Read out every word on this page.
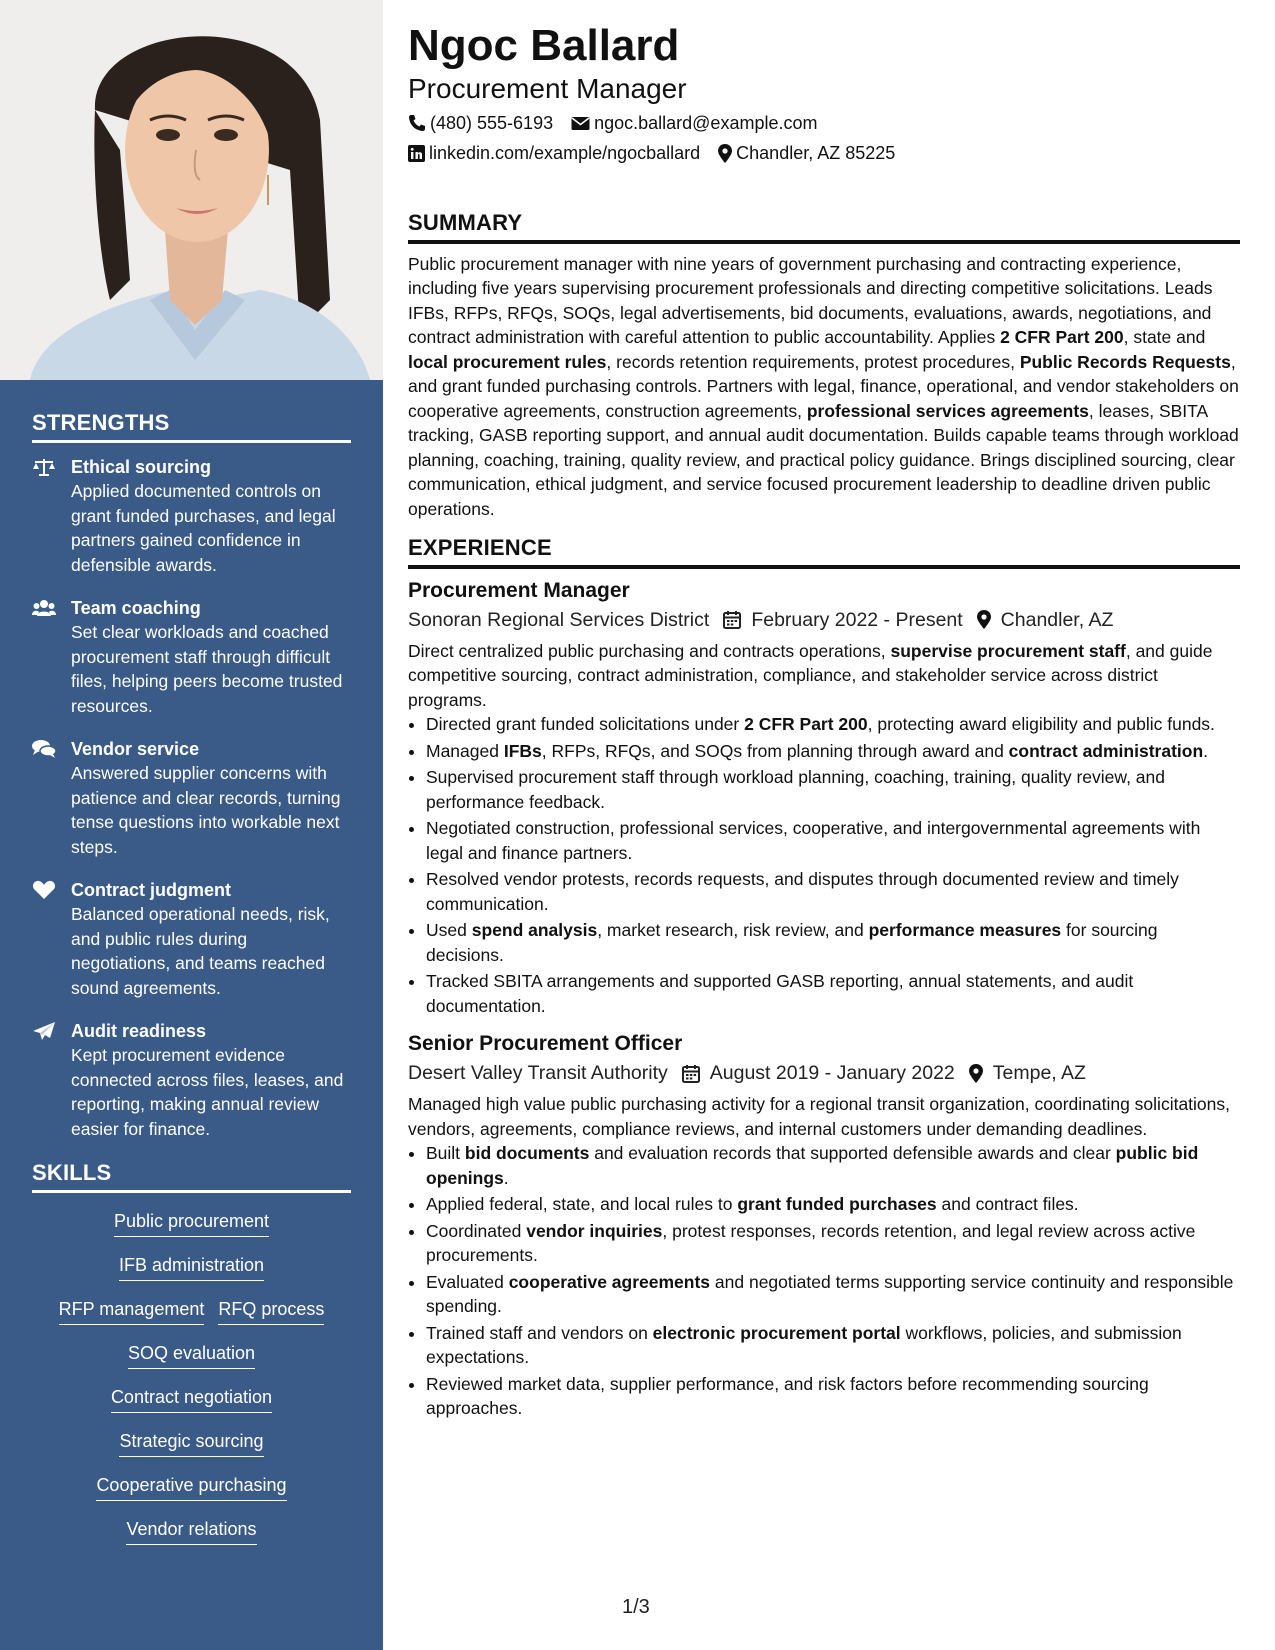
STRENGTHS
Ethical sourcing
Applied documented controls on grant funded purchases, and legal partners gained confidence in defensible awards.
Team coaching
Set clear workloads and coached procurement staff through difficult files, helping peers become trusted resources.
Vendor service
Answered supplier concerns with patience and clear records, turning tense questions into workable next steps.
Contract judgment
Balanced operational needs, risk, and public rules during negotiations, and teams reached sound agreements.
Audit readiness
Kept procurement evidence connected across files, leases, and reporting, making annual review easier for finance.
SKILLS
Public procurement
IFB administration
RFP management RFQ process
SOQ evaluation
Contract negotiation
Strategic sourcing
Cooperative purchasing
Vendor relations
Ngoc Ballard
Procurement Manager
(480) 555-6193 ngoc.ballard@example.com
linkedin.com/example/ngocballard Chandler, AZ 85225
SUMMARY

Public procurement manager with nine years of government purchasing and contracting experience, including five years supervising procurement professionals and directing competitive solicitations. Leads IFBs, RFPs, RFQs, SOQs, legal advertisements, bid documents, evaluations, awards, negotiations, and contract administration with careful attention to public accountability. Applies 2 CFR Part 200, state and local procurement rules, records retention requirements, protest procedures, Public Records Requests, and grant funded purchasing controls. Partners with legal, finance, operational, and vendor stakeholders on cooperative agreements, construction agreements, professional services agreements, leases, SBITA tracking, GASB reporting support, and annual audit documentation. Builds capable teams through workload planning, coaching, training, quality review, and practical policy guidance. Brings disciplined sourcing, clear communication, ethical judgment, and service focused procurement leadership to deadline driven public operations.

EXPERIENCE
Procurement Manager
Sonoran Regional Services District February 2022 - Present Chandler, AZ

Direct centralized public purchasing and contracts operations, supervise procurement staff, and guide competitive sourcing, contract administration, compliance, and stakeholder service across district programs.

• Directed grant funded solicitations under 2 CFR Part 200, protecting award eligibility and public funds.
• Managed IFBs, RFPs, RFQs, and SOQs from planning through award and contract administration.
• Supervised procurement staff through workload planning, coaching, training, quality review, and performance feedback.
• Negotiated construction, professional services, cooperative, and intergovernmental agreements with legal and finance partners.
• Resolved vendor protests, records requests, and disputes through documented review and timely communication.
• Used spend analysis, market research, risk review, and performance measures for sourcing decisions.
• Tracked SBITA arrangements and supported GASB reporting, annual statements, and audit documentation.
Senior Procurement Officer
Desert Valley Transit Authority August 2019 - January 2022 Tempe, AZ

Managed high value public purchasing activity for a regional transit organization, coordinating solicitations, vendors, agreements, compliance reviews, and internal customers under demanding deadlines.

• Built bid documents and evaluation records that supported defensible awards and clear public bid openings.
• Applied federal, state, and local rules to grant funded purchases and contract files.
• Coordinated vendor inquiries, protest responses, records retention, and legal review across active procurements.
• Evaluated cooperative agreements and negotiated terms supporting service continuity and responsible spending.
• Trained staff and vendors on electronic procurement portal workflows, policies, and submission expectations.
• Reviewed market data, supplier performance, and risk factors before recommending sourcing approaches.
1/3
